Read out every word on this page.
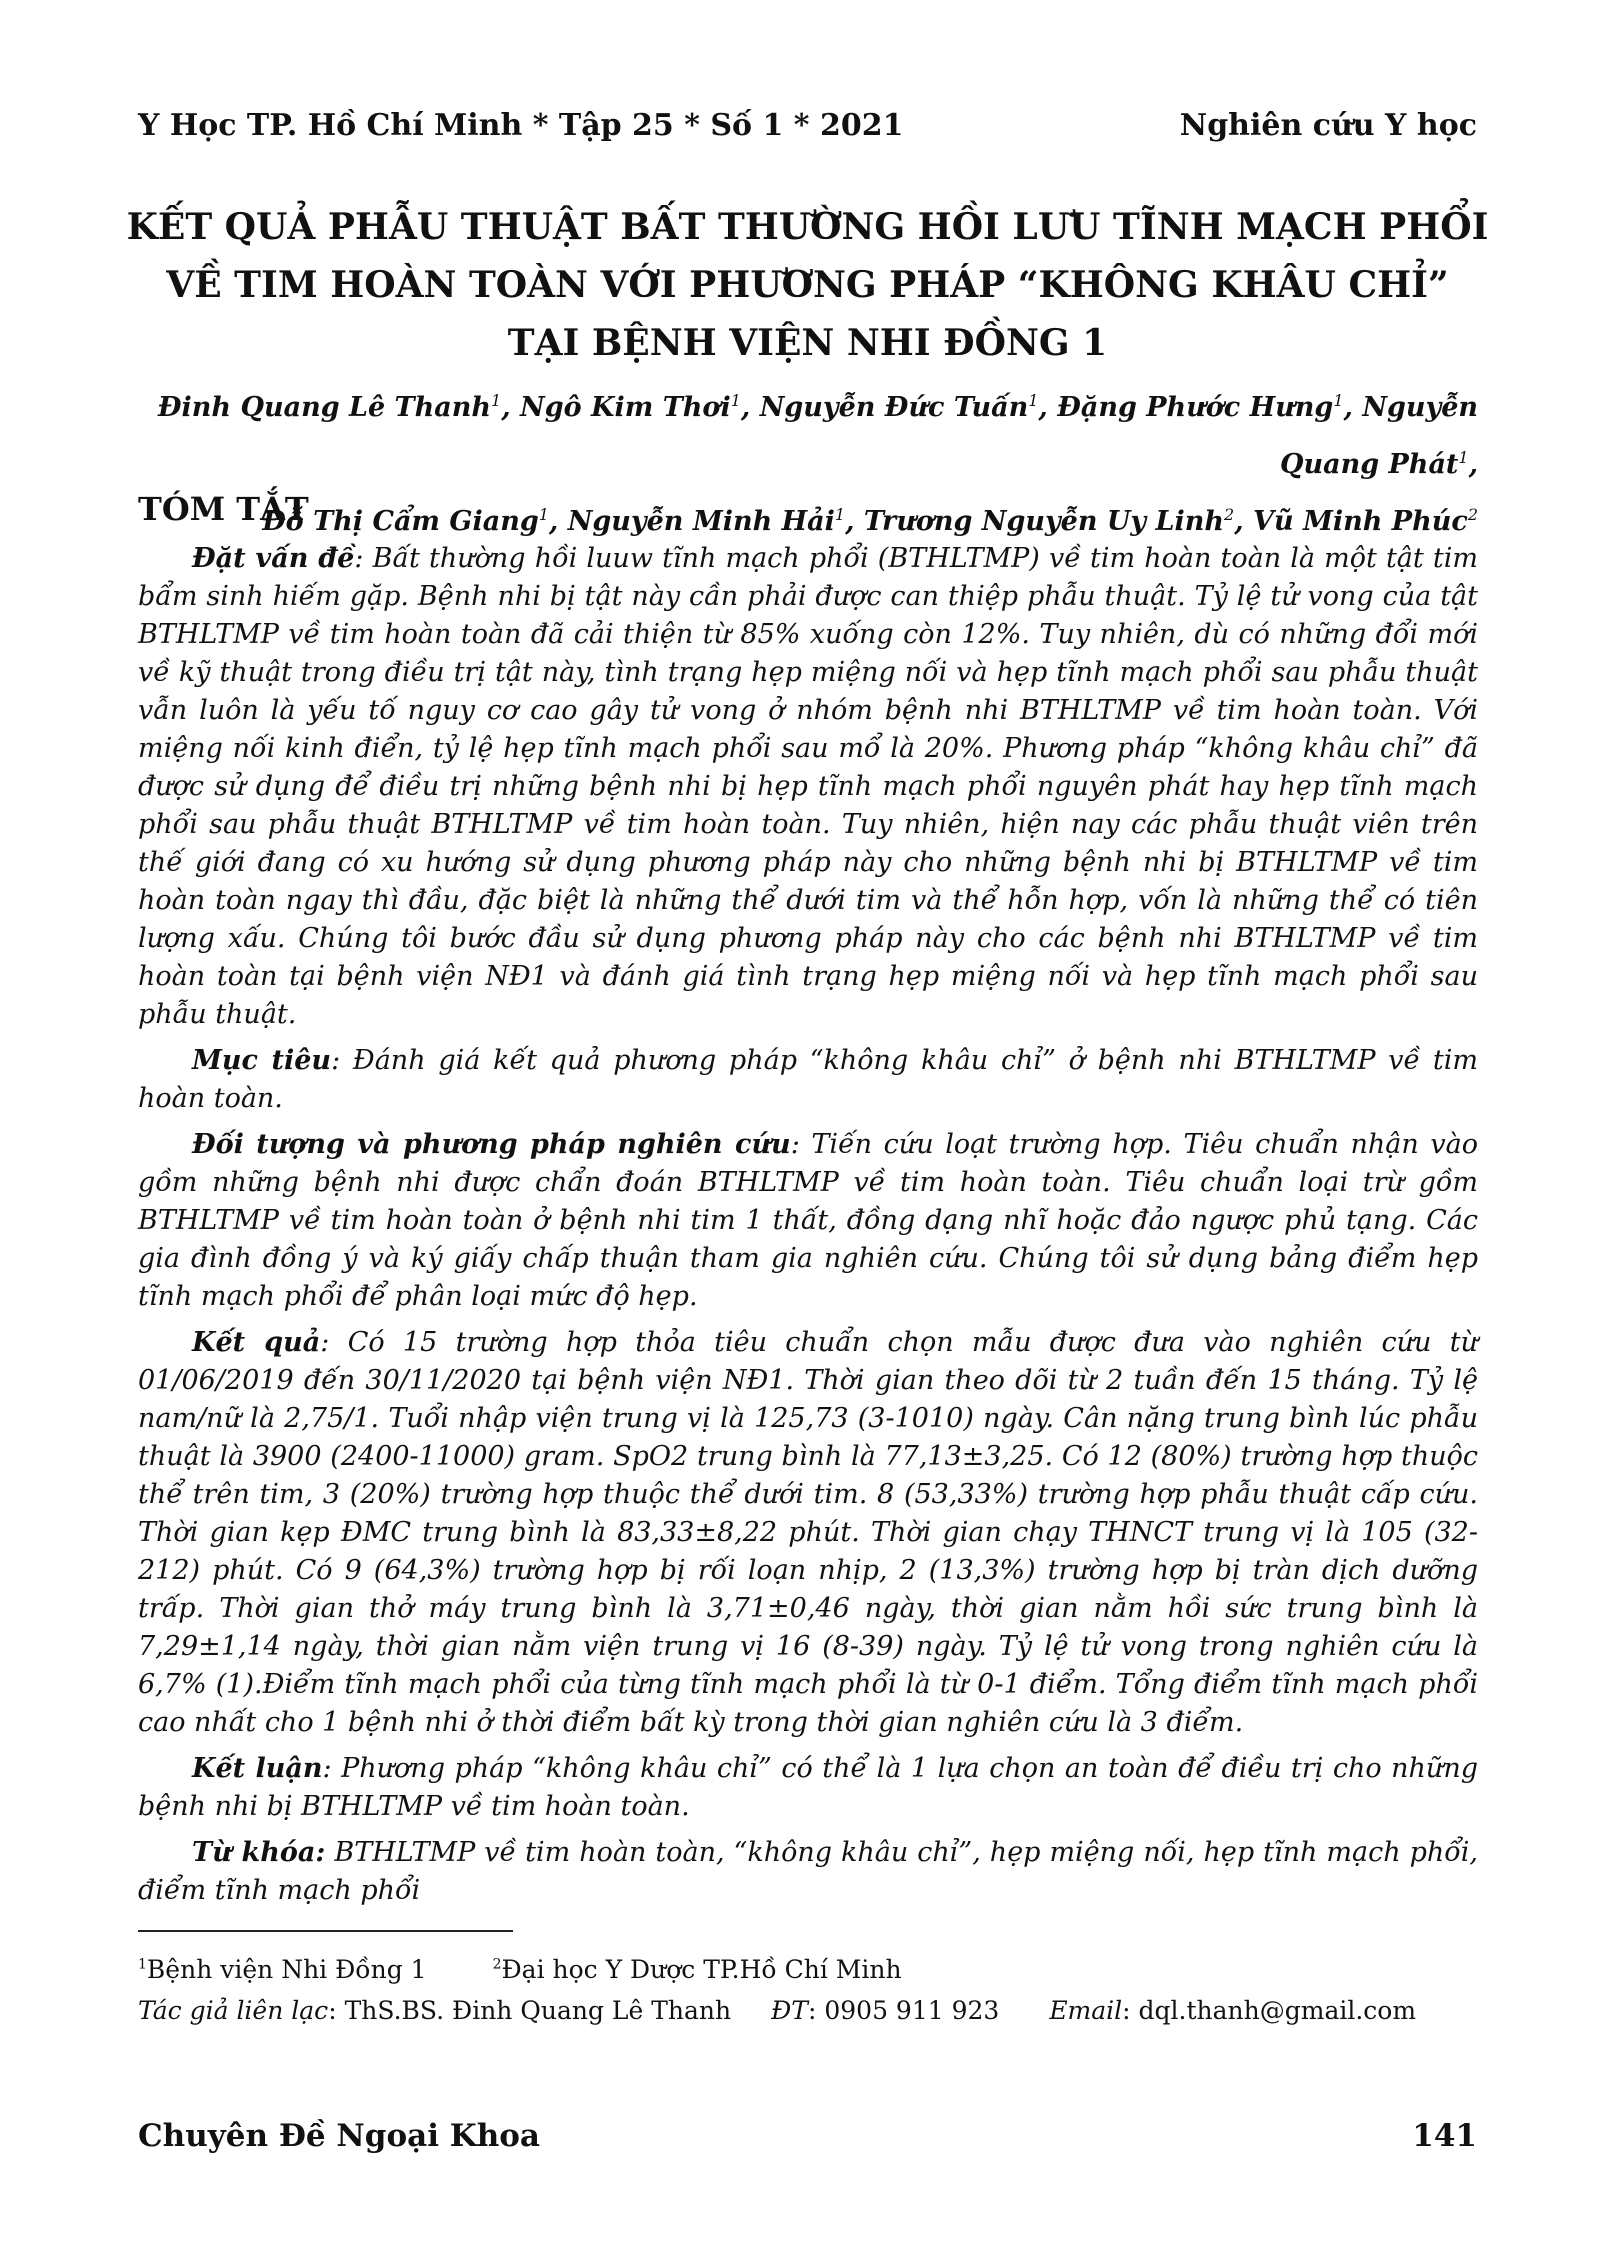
Y Học TP. Hồ Chí Minh * Tập 25 * Số 1 * 2021	Nghiên cứu Y học
KẾT QUẢ PHẪU THUẬT BẤT THƯỜNG HỒI LƯU TĨNH MẠCH PHỔI
VỀ TIM HOÀN TOÀN VỚI PHƯƠNG PHÁP “KHÔNG KHÂU CHỈ”
TẠI BỆNH VIỆN NHI ĐỒNG 1
Đinh Quang Lê Thanh$^1$, Ngô Kim Thơi$^1$, Nguyễn Đức Tuấn$^1$, Đặng Phước Hưng$^1$, Nguyễn Quang Phát$^1$,
Đỗ Thị Cẩm Giang$^1$, Nguyễn Minh Hải$^1$, Trương Nguyễn Uy Linh$^2$, Vũ Minh Phúc$^2$
TÓM TẮT

Đặt vấn đề: Bất thường hồi luuw tĩnh mạch phổi (BTHLTMP) về tim hoàn toàn là một tật tim bẩm sinh hiếm gặp. Bệnh nhi bị tật này cần phải được can thiệp phẫu thuật. Tỷ lệ tử vong của tật BTHLTMP về tim hoàn toàn đã cải thiện từ 85% xuống còn 12%. Tuy nhiên, dù có những đổi mới về kỹ thuật trong điều trị tật này, tình trạng hẹp miệng nối và hẹp tĩnh mạch phổi sau phẫu thuật vẫn luôn là yếu tố nguy cơ cao gây tử vong ở nhóm bệnh nhi BTHLTMP về tim hoàn toàn. Với miệng nối kinh điển, tỷ lệ hẹp tĩnh mạch phổi sau mổ là 20%. Phương pháp “không khâu chỉ” đã được sử dụng để điều trị những bệnh nhi bị hẹp tĩnh mạch phổi nguyên phát hay hẹp tĩnh mạch phổi sau phẫu thuật BTHLTMP về tim hoàn toàn. Tuy nhiên, hiện nay các phẫu thuật viên trên thế giới đang có xu hướng sử dụng phương pháp này cho những bệnh nhi bị BTHLTMP về tim hoàn toàn ngay thì đầu, đặc biệt là những thể dưới tim và thể hỗn hợp, vốn là những thể có tiên lượng xấu. Chúng tôi bước đầu sử dụng phương pháp này cho các bệnh nhi BTHLTMP về tim hoàn toàn tại bệnh viện NĐ1 và đánh giá tình trạng hẹp miệng nối và hẹp tĩnh mạch phổi sau phẫu thuật.

Mục tiêu: Đánh giá kết quả phương pháp “không khâu chỉ” ở bệnh nhi BTHLTMP về tim hoàn toàn.

Đối tượng và phương pháp nghiên cứu: Tiến cứu loạt trường hợp. Tiêu chuẩn nhận vào gồm những bệnh nhi được chẩn đoán BTHLTMP về tim hoàn toàn. Tiêu chuẩn loại trừ gồm BTHLTMP về tim hoàn toàn ở bệnh nhi tim 1 thất, đồng dạng nhĩ hoặc đảo ngược phủ tạng. Các gia đình đồng ý và ký giấy chấp thuận tham gia nghiên cứu. Chúng tôi sử dụng bảng điểm hẹp tĩnh mạch phổi để phân loại mức độ hẹp.

Kết quả: Có 15 trường hợp thỏa tiêu chuẩn chọn mẫu được đưa vào nghiên cứu từ 01/06/2019 đến 30/11/2020 tại bệnh viện NĐ1. Thời gian theo dõi từ 2 tuần đến 15 tháng. Tỷ lệ nam/nữ là 2,75/1. Tuổi nhập viện trung vị là 125,73 (3-1010) ngày. Cân nặng trung bình lúc phẫu thuật là 3900 (2400-11000) gram. SpO2 trung bình là 77,13±3,25. Có 12 (80%) trường hợp thuộc thể trên tim, 3 (20%) trường hợp thuộc thể dưới tim. 8 (53,33%) trường hợp phẫu thuật cấp cứu. Thời gian kẹp ĐMC trung bình là 83,33±8,22 phút. Thời gian chạy THNCT trung vị là 105 (32-212) phút. Có 9 (64,3%) trường hợp bị rối loạn nhịp, 2 (13,3%) trường hợp bị tràn dịch dưỡng trấp. Thời gian thở máy trung bình là 3,71±0,46 ngày, thời gian nằm hồi sức trung bình là 7,29±1,14 ngày, thời gian nằm viện trung vị 16 (8-39) ngày. Tỷ lệ tử vong trong nghiên cứu là 6,7% (1).Điểm tĩnh mạch phổi của từng tĩnh mạch phổi là từ 0-1 điểm. Tổng điểm tĩnh mạch phổi cao nhất cho 1 bệnh nhi ở thời điểm bất kỳ trong thời gian nghiên cứu là 3 điểm.

Kết luận: Phương pháp “không khâu chỉ” có thể là 1 lựa chọn an toàn để điều trị cho những bệnh nhi bị BTHLTMP về tim hoàn toàn.

Từ khóa: BTHLTMP về tim hoàn toàn, “không khâu chỉ”, hẹp miệng nối, hẹp tĩnh mạch phổi, điểm tĩnh mạch phổi

$^1$Bệnh viện Nhi Đồng 1	$^2$Đại học Y Dược TP.Hồ Chí Minh
Tác giả liên lạc: ThS.BS. Đinh Quang Lê Thanh ĐT: 0905 911 923 Email: dql.thanh@gmail.com
Chuyên Đề Ngoại Khoa	141
